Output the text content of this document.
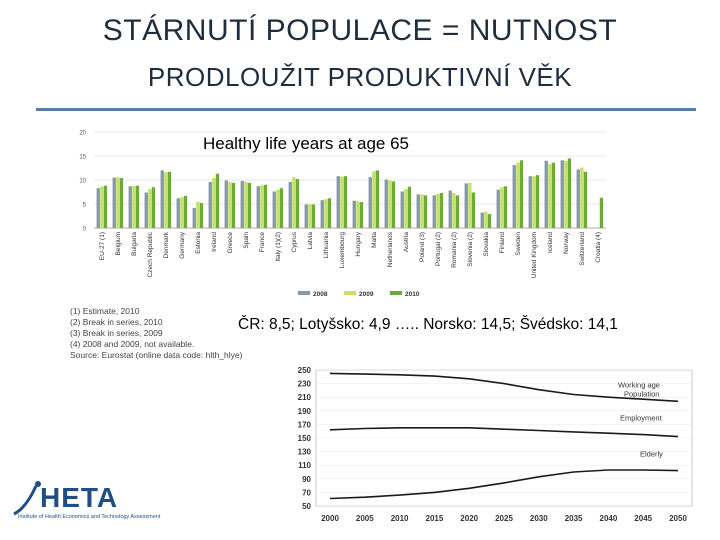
STÁRNUTÍ POPULACE = NUTNOST
PRODLOUŽIT PRODUKTIVNÍ VĚK
Healthy life years at age 65
0
5
10
15
20
EU-27 (1) Belgium Bulgaria Czech Republic Denmark Germany Estonia Ireland Greece Spain France Italy (1)(2) Cyprus Latvia Lithuania Luxembourg Hungary Malta Netherlands Austria Poland (3) Portugal (2) Romania (2) Slovenia (2) Slovakia Finland Sweden United Kingdom Iceland Norway Switzerland Croatia (4)
2008	2009	2010
(1) Estimate, 2010
(2) Break in series, 2010
(3) Break in series, 2009
(4) 2008 and 2009, not available.
Source: Eurostat (online data code: hlth_hlye)
ČR: 8,5; Lotyšsko: 4,9 ….. Norsko: 14,5; Švédsko: 14,1
50
70
90
110
130
150
170
190
210
230
250
2000 2005 2010 2015 2020 2025 2030 2035 2040 2045 2050
Working age Population
Employment
Elderly
HETA
Institute of Health Economics and Technology Assessment
